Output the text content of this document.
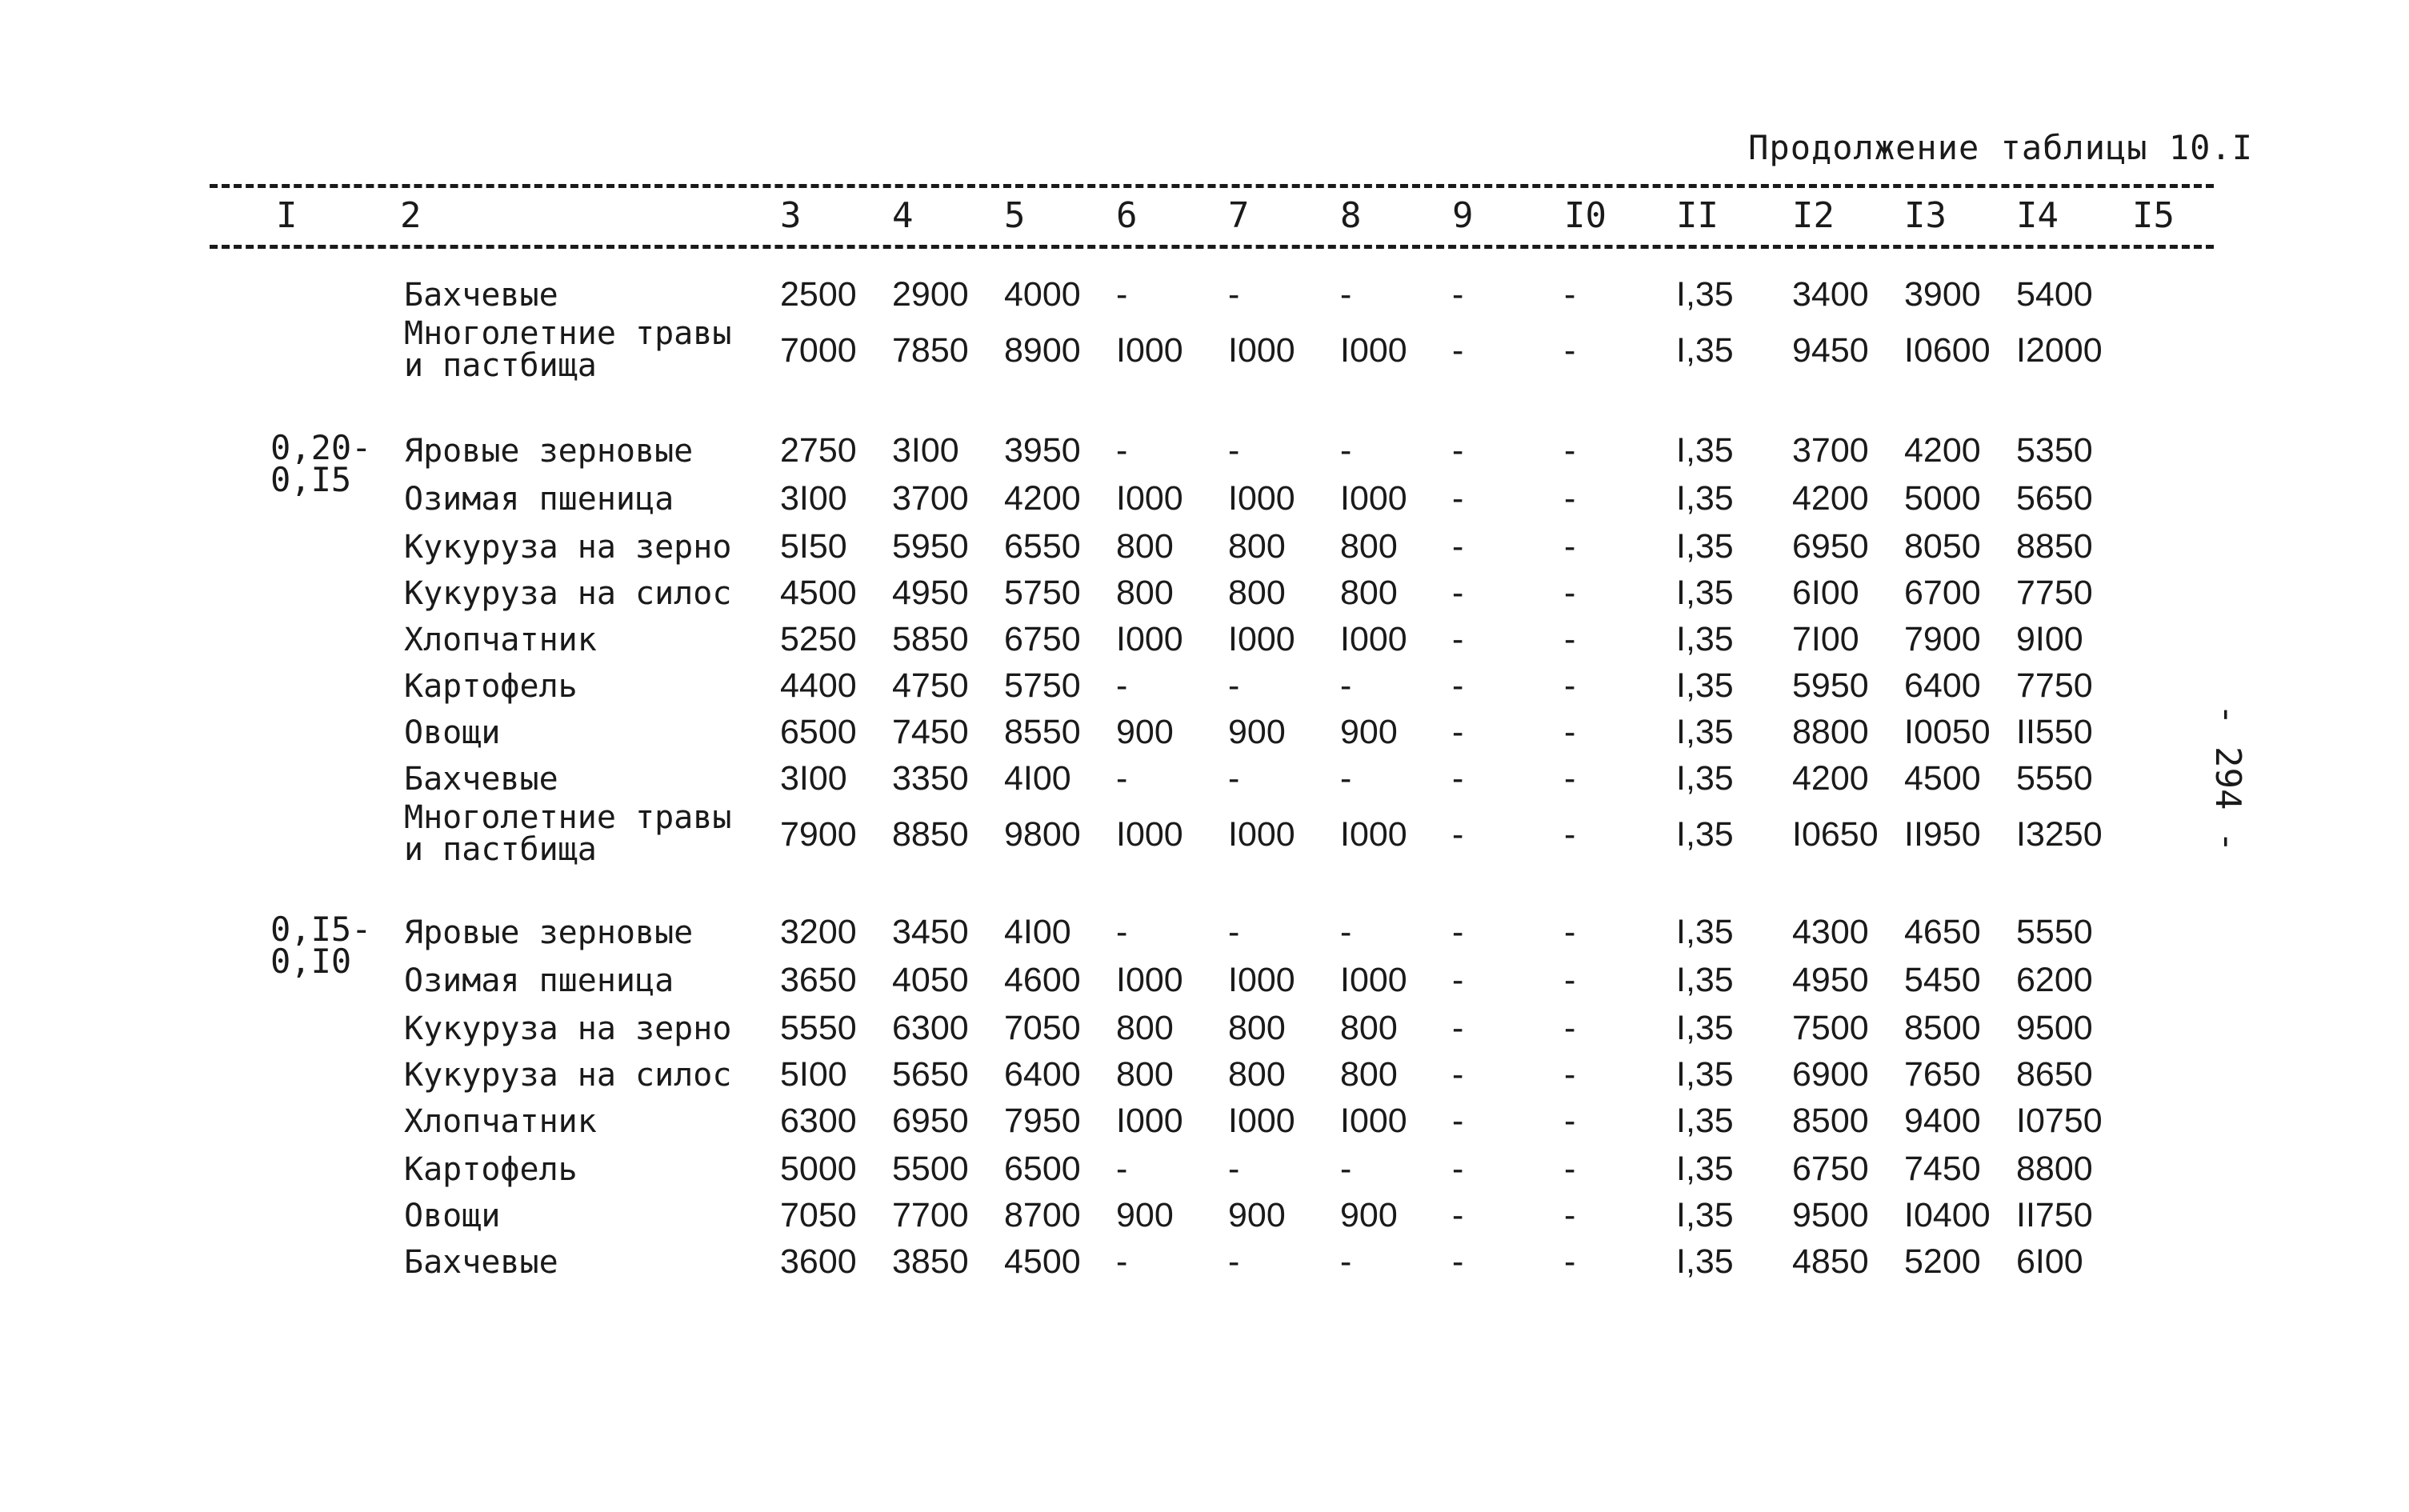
Продолжение таблицы 10.I
I	2	3	4	5	6	7	8	9	I0 II I2 I3 I4 I5
Бахчевые	2500 2900 4000 -	-	-	-	-	I,35 3400 3900 5400
Многолетние травы
и пастбища	7000 7850 8900 I000 I000 I000 -	-	I,35 9450 I0600 I2000
0,20-
0,I5
Яровые зерновые	2750 3I00 3950 -	-	-	-	-	I,35 3700 4200 5350
Озимая пшеница	3I00 3700 4200 I000 I000 I000 -	-	I,35 4200 5000 5650
Кукуруза на зерно 5I50 5950 6550 800 800 800 -	-	I,35 6950 8050 8850
Кукуруза на силос 4500 4950 5750 800 800 800 -	-	I,35 6I00 6700 7750
Хлопчатник	5250 5850 6750 I000 I000 I000 -	-	I,35 7I00 7900 9I00
Картофель	4400 4750 5750 -	-	-	-	-	I,35 5950 6400 7750
Овощи	6500 7450 8550 900 900 900 -	-	I,35 8800 I0050 II550
Бахчевые	3I00 3350 4I00 -	-	-	-	-	I,35 4200 4500 5550
Многолетние травы
и пастбища	7900 8850 9800 I000 I000 I000 -	-	I,35 I0650 II950 I3250
0,I5-
0,I0
Яровые зерновые	3200 3450 4I00 -	-	-	-	-	I,35 4300 4650 5550
Озимая пшеница	3650 4050 4600 I000 I000 I000 -	-	I,35 4950 5450 6200
Кукуруза на зерно 5550 6300 7050 800 800 800 -	-	I,35 7500 8500 9500
Кукуруза на силос 5I00 5650 6400 800 800 800 -	-	I,35 6900 7650 8650
Хлопчатник	6300 6950 7950 I000 I000 I000 -	-	I,35 8500 9400 I0750
Картофель	5000 5500 6500 -	-	-	-	-	I,35 6750 7450 8800
Овощи	7050 7700 8700 900 900 900 -	-	I,35 9500 I0400 II750
Бахчевые	3600 3850 4500 -	-	-	-	-	I,35 4850 5200 6I00
- 294 -
